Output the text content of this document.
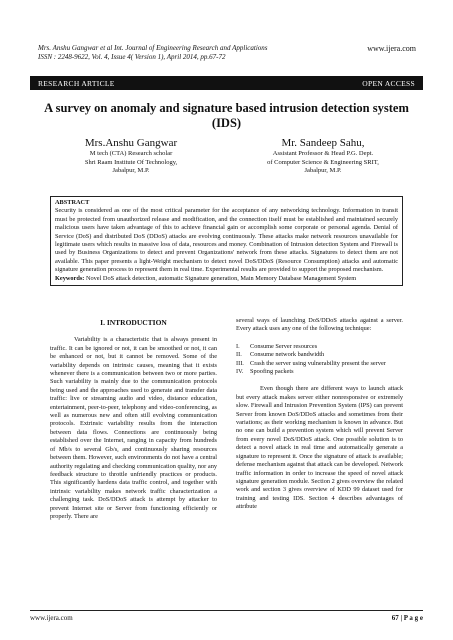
Mrs. Anshu Gangwar et al Int. Journal of Engineering Research and Applications	www.ijera.com
ISSN : 2248-9622, Vol. 4, Issue 4( Version 1), April 2014, pp.67-72
RESEARCH ARTICLE	OPEN ACCESS
A survey on anomaly and signature based intrusion detection system (IDS)
Mrs.Anshu Gangwar
M tech (CTA) Research scholar
Shri Raam Institute Of Technology,
Jabalpur, M.P.
Mr. Sandeep Sahu,
Assistant Professor & Head P.G. Dept.
of Computer Science & Engineering SRIT,
Jabalpur, M.P.
ABSTRACT
Security is considered as one of the most critical parameter for the acceptance of any networking technology. Information in transit must be protected from unauthorized release and modification, and the connection itself must be established and maintained securely malicious users have taken advantage of this to achieve financial gain or accomplish some corporate or personal agenda. Denial of Service (DoS) and distributed DoS (DDoS) attacks are evolving continuously. These attacks make network resources unavailable for legitimate users which results in massive loss of data, resources and money. Combination of Intrusion detection System and Firewall is used by Business Organizations to detect and prevent Organizations' network from these attacks. Signatures to detect them are not available. This paper presents a light-Weight mechanism to detect novel DoS/DDoS (Resource Consumption) attacks and automatic signature generation process to represent them in real time. Experimental results are provided to support the proposed mechanism.
Keywords: Novel DoS attack detection, automatic Signature generation, Main Memory Database Management System
I. INTRODUCTION

Variability is a characteristic that is always present in traffic. It can be ignored or not, it can be smoothed or not, it can be enhanced or not, but it cannot be removed. Some of the variability depends on intrinsic causes, meaning that it exists whenever there is a communication between two or more parties. Such variability is mainly due to the communication protocols being used and the approaches used to generate and transfer data traffic: live or streaming audio and video, distance education, entertainment, peer-to-peer, telephony and video-conferencing, as well as numerous new and often still evolving communication protocols. Extrinsic variability results from the interaction between data flows. Connections are continuously being established over the Internet, ranging in capacity from hundreds of Mb/s to several Gb/s, and continuously sharing resources between them. However, such environments do not have a central authority regulating and checking communication quality, nor any feedback structure to throttle unfriendly practices or products. This significantly hardens data traffic control, and together with intrinsic variability makes network traffic characterization a challenging task. DoS/DDoS attack is attempt by attacker to prevent Internet site or Server from functioning efficiently or properly. There are

several ways of launching DoS/DDoS attacks against a server. Every attack uses any one of the following technique:

I.	Consume Server resources
II.	Consume network bandwidth
III. Crash the server using vulnerability present the server
IV.	Spoofing packets

Even though there are different ways to launch attack but every attack makes server either nonresponsive or extremely slow. Firewall and Intrusion Prevention System (IPS) can prevent Server from known DoS/DDoS attacks and sometimes from their variations; as their working mechanism is known in advance. But no one can build a prevention system which will prevent Server from every novel DoS/DDoS attack. One possible solution is to detect a novel attack in real time and automatically generate a signature to represent it. Once the signature of attack is available; defense mechanism against that attack can be developed. Network traffic information in order to increase the speed of novel attack signature generation module. Section 2 gives overview the related work and section 3 gives overview of KDD 99 dataset used for training and testing IDS. Section 4 describes advantages of attribute

www.ijera.com	67 | P a g e
